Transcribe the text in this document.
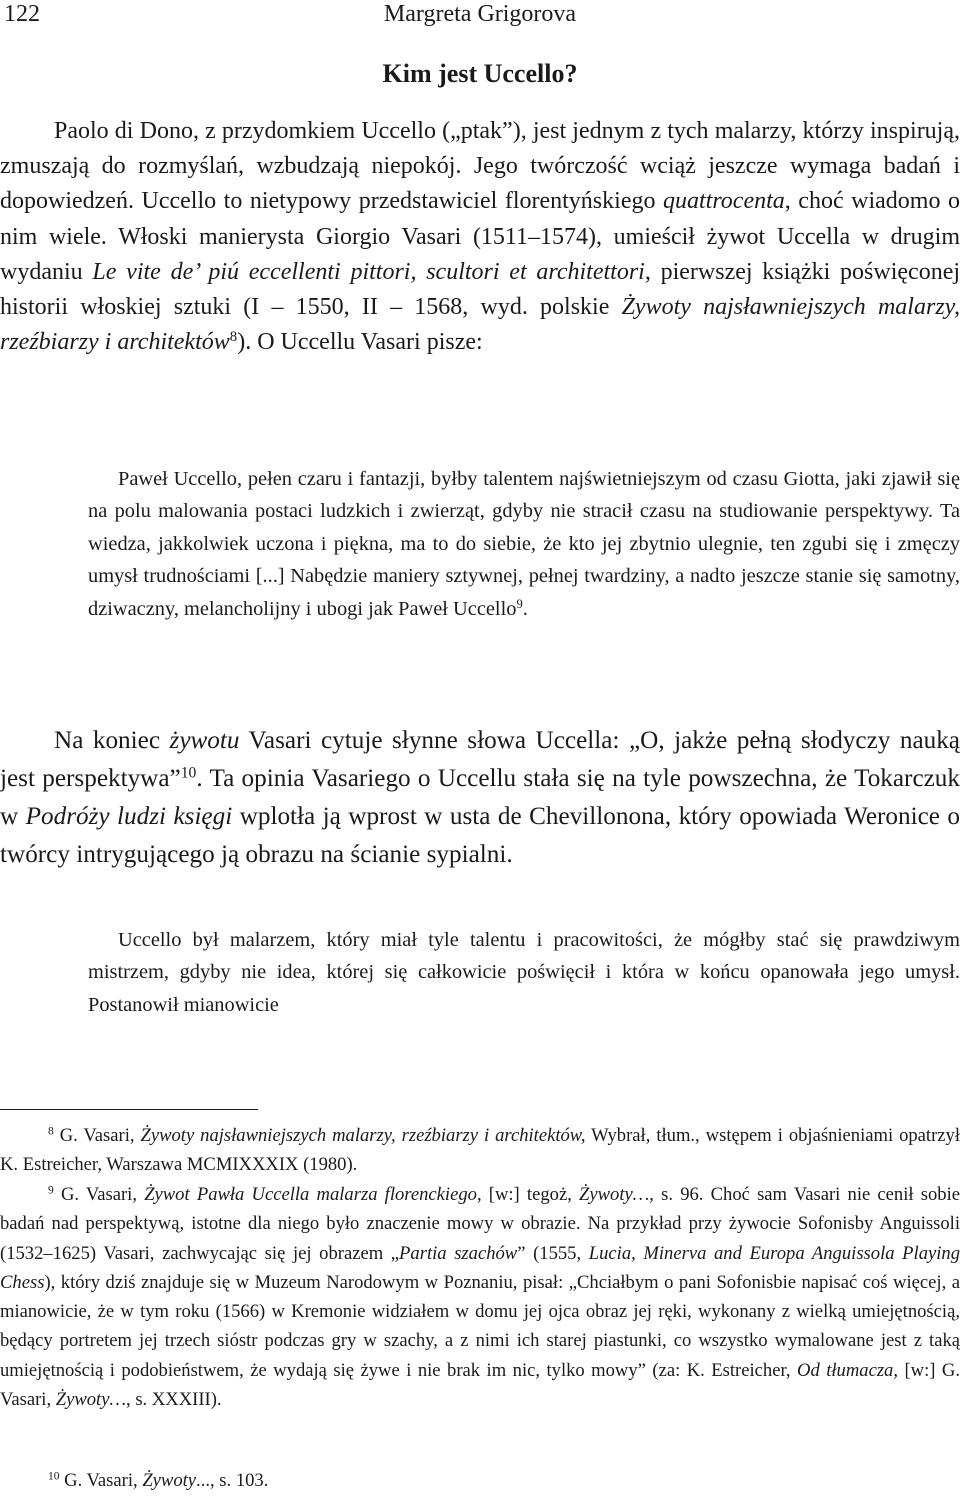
122	Margreta Grigorova
Kim jest Uccello?

Paolo di Dono, z przydomkiem Uccello („ptak”), jest jednym z tych malarzy, którzy inspirują, zmuszają do rozmyślań, wzbudzają niepokój. Jego twórczość wciąż jeszcze wymaga badań i dopowiedzeń. Uccello to nietypowy przedstawiciel florentyńskiego quattrocenta, choć wiadomo o nim wiele. Włoski manierysta Giorgio Vasari (1511–1574), umieścił żywot Uccella w drugim wydaniu Le vite de’ piú eccellenti pittori, scultori et architettori, pierwszej książki poświęconej historii włoskiej sztuki (I – 1550, II – 1568, wyd. polskie Żywoty najsławniejszych malarzy, rzeźbiarzy i architektów$^8$). O Uccellu Vasari pisze:

Paweł Uccello, pełen czaru i fantazji, byłby talentem najświetniejszym od czasu Giotta, jaki zjawił się na polu malowania postaci ludzkich i zwierząt, gdyby nie stracił czasu na studiowanie perspektywy. Ta wiedza, jakkolwiek uczona i piękna, ma to do siebie, że kto jej zbytnio ulegnie, ten zgubi się i zmęczy umysł trudnościami [...] Nabędzie maniery sztywnej, pełnej twardziny, a nadto jeszcze stanie się samotny, dziwaczny, melancholijny i ubogi jak Paweł Uccello$^9$.

Na koniec żywotu Vasari cytuje słynne słowa Uccella: „O, jakże pełną słodyczy nauką jest perspektywa”$^{10}$. Ta opinia Vasariego o Uccellu stała się na tyle powszechna, że Tokarczuk w Podróży ludzi księgi wplotła ją wprost w usta de Chevillonona, który opowiada Weronice o twórcy intrygującego ją obrazu na ścianie sypialni.

Uccello był malarzem, który miał tyle talentu i pracowitości, że mógłby stać się prawdziwym mistrzem, gdyby nie idea, której się całkowicie poświęcił i która w końcu opanowała jego umysł. Postanowił mianowicie

$^8$ G. Vasari, Żywoty najsławniejszych malarzy, rzeźbiarzy i architektów, Wybrał, tłum., wstępem i objaśnieniami opatrzył K. Estreicher, Warszawa MCMIXXXIX (1980).

$^9$ G. Vasari, Żywot Pawła Uccella malarza florenckiego, [w:] tegoż, Żywoty…, s. 96. Choć sam Vasari nie cenił sobie badań nad perspektywą, istotne dla niego było znaczenie mowy w obrazie. Na przykład przy żywocie Sofonisby Anguissoli (1532–1625) Vasari, zachwycając się jej obrazem „Partia szachów” (1555, Lucia, Minerva and Europa Anguissola Playing Chess), który dziś znajduje się w Muzeum Narodowym w Poznaniu, pisał: „Chciałbym o pani Sofonisbie napisać coś więcej, a mianowicie, że w tym roku (1566) w Kremonie widziałem w domu jej ojca obraz jej ręki, wykonany z wielką umiejętnością, będący portretem jej trzech sióstr podczas gry w szachy, a z nimi ich starej piastunki, co wszystko wymalowane jest z taką umiejętnością i podobieństwem, że wydają się żywe i nie brak im nic, tylko mowy” (za: K. Estreicher, Od tłumacza, [w:] G. Vasari, Żywoty…, s. XXXIII).

$^{10}$ G. Vasari, Żywoty..., s. 103.
